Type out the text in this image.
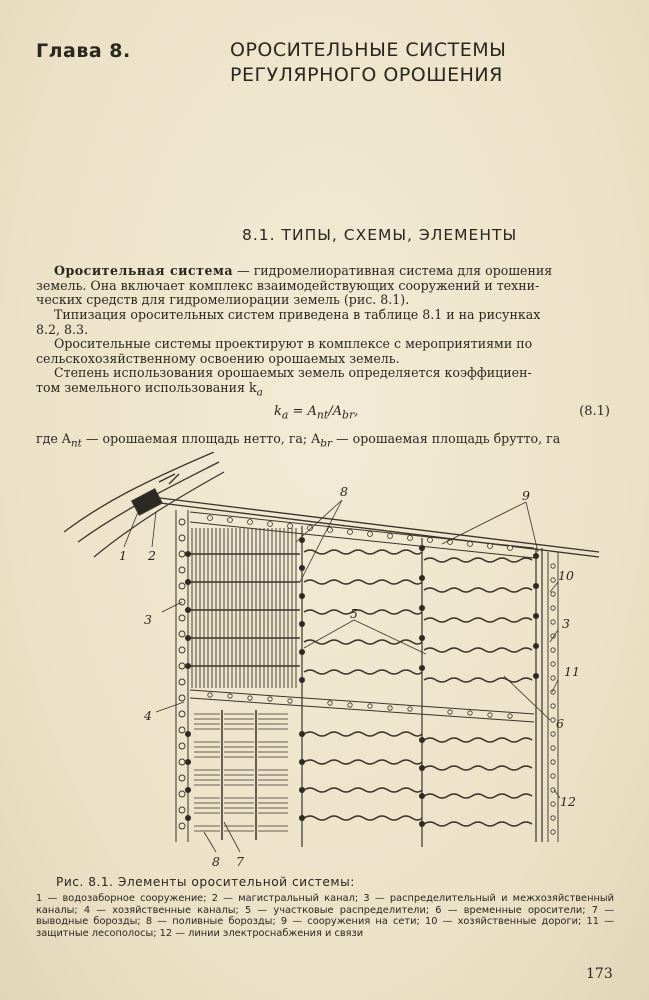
Глава 8.	ОРОСИТЕЛЬНЫЕ СИСТЕМЫ
РЕГУЛЯРНОГО ОРОШЕНИЯ
8.1. ТИПЫ, СХЕМЫ, ЭЛЕМЕНТЫ
Оросительная система — гидромелиоративная система для орошения
земель. Она включает комплекс взаимодействующих сооружений и техни-
ческих средств для гидромелиорации земель (рис. 8.1).
Типизация оросительных систем приведена в таблице 8.1 и на рисунках
8.2, 8.3.
Оросительные системы проектируют в комплексе с мероприятиями по
сельскохозяйственному освоению орошаемых земель.
Степень использования орошаемых земель определяется коэффициен-
том земельного использования $k_a$
$k_a = A_{nt}/A_{br}$,	(8.1)
где $A_{nt}$ — орошаемая площадь нетто, га; $A_{br}$ — орошаемая площадь брутто, га
1 2
3	3
4
5
6
7
8
8	9
10
11
12
Рис. 8.1. Элементы оросительной системы:
1 — водозаборное сооружение; 2 — магистральный канал; 3 — распределительный и межхозяйственный каналы; 4 — хозяйственные каналы; 5 — участковые распределители; 6 — временные оросители; 7 — выводные борозды; 8 — поливные борозды; 9 — сооружения на сети; 10 — хозяйственные дороги; 11 — защитные лесополосы; 12 — линии электроснабжения и связи
173
